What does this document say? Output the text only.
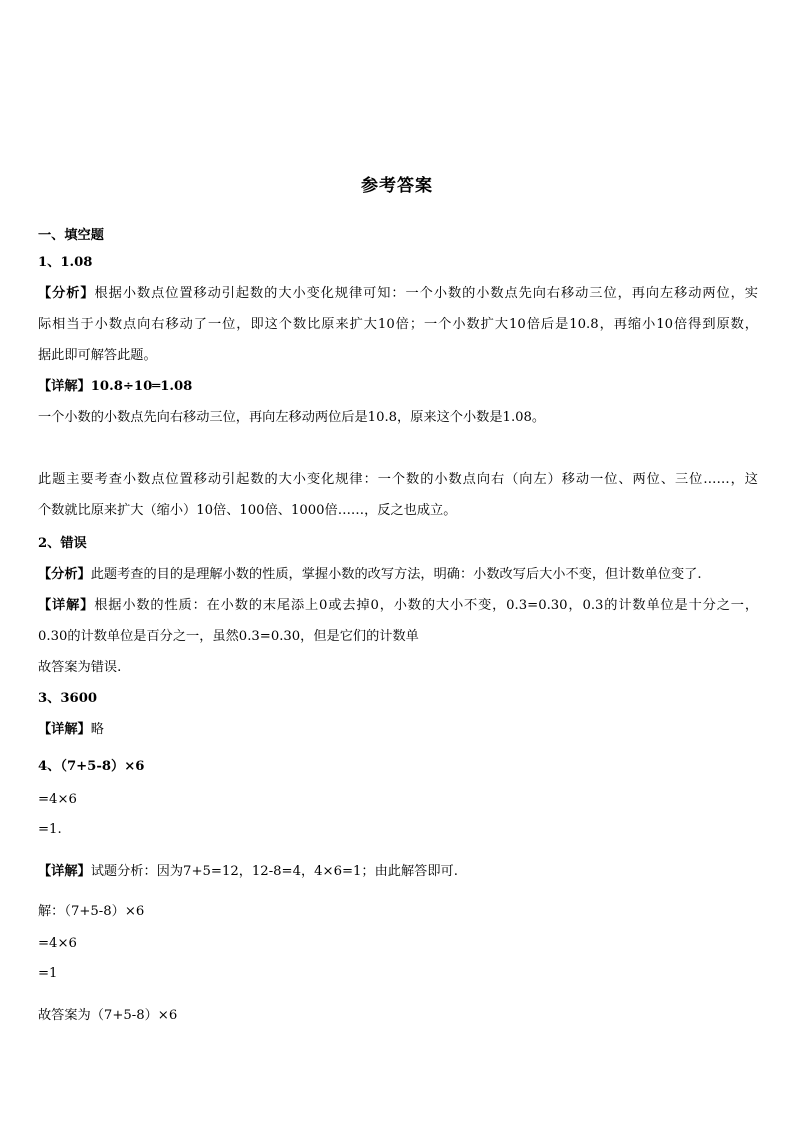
参考答案
一、填空题
1、1.08
【分析】根据小数点位置移动引起数的大小变化规律可知：一个小数的小数点先向右移动三位，再向左移动两位，实
际相当于小数点向右移动了一位，即这个数比原来扩大10倍；一个小数扩大10倍后是10.8，再缩小10倍得到原数，
据此即可解答此题。
【详解】10.8÷10═1.08
一个小数的小数点先向右移动三位，再向左移动两位后是10.8，原来这个小数是1.08。
此题主要考查小数点位置移动引起数的大小变化规律：一个数的小数点向右（向左）移动一位、两位、三位……，这
个数就比原来扩大（缩小）10倍、100倍、1000倍……，反之也成立。
2、错误
【分析】此题考查的目的是理解小数的性质，掌握小数的改写方法，明确：小数改写后大小不变，但计数单位变了.
【详解】根据小数的性质：在小数的末尾添上0或去掉0，小数的大小不变，0.3=0.30，0.3的计数单位是十分之一，
0.30的计数单位是百分之一，虽然0.3=0.30，但是它们的计数单
故答案为错误.
3、3600
【详解】略
4、（7+5-8）×6
=4×6
=1.
【详解】试题分析：因为7+5=12，12-8=4，4×6=1；由此解答即可.
解：（7+5-8）×6
=4×6
=1
故答案为（7+5-8）×6
